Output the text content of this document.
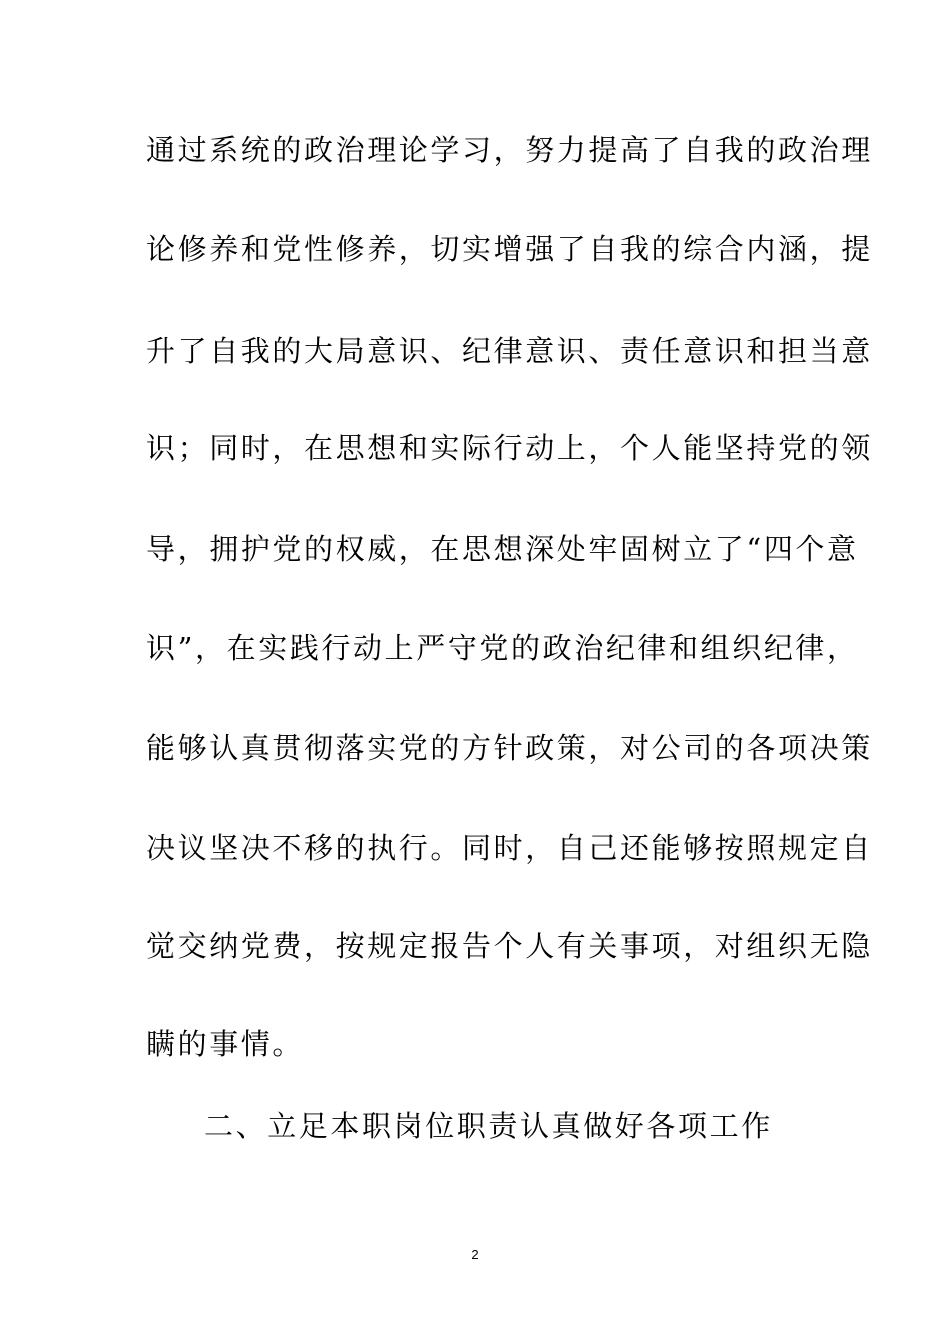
通过系统的政治理论学习，努力提高了自我的政治理
论修养和党性修养，切实增强了自我的综合内涵，提
升了自我的大局意识、纪律意识、责任意识和担当意
识；同时，在思想和实际行动上，个人能坚持党的领
导，拥护党的权威，在思想深处牢固树立了“四个意
识”，在实践行动上严守党的政治纪律和组织纪律，
能够认真贯彻落实党的方针政策，对公司的各项决策
决议坚决不移的执行。同时，自己还能够按照规定自
觉交纳党费，按规定报告个人有关事项，对组织无隐
瞒的事情。
二、立足本职岗位职责认真做好各项工作
2
